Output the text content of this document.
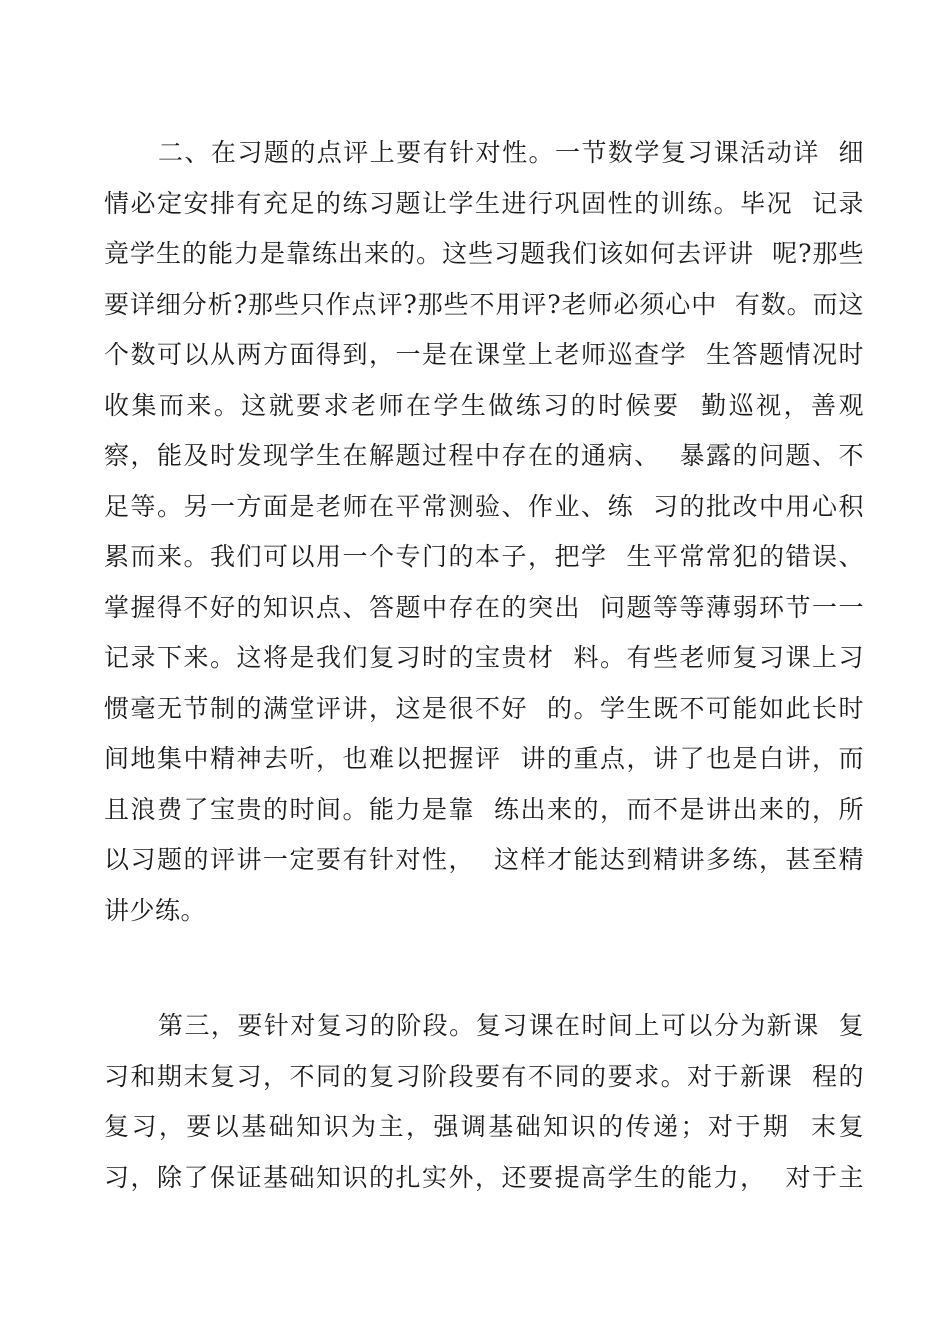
二、在习题的点评上要有针对性。一节数学复习课活动详  细
情必定安排有充足的练习题让学生进行巩固性的训练。毕况  记录
竟学生的能力是靠练出来的。这些习题我们该如何去评讲  呢?那些
要详细分析?那些只作点评?那些不用评?老师必须心中  有数。而这
个数可以从两方面得到，一是在课堂上老师巡查学  生答题情况时
收集而来。这就要求老师在学生做练习的时候要  勤巡视，善观
察，能及时发现学生在解题过程中存在的通病、  暴露的问题、不
足等。另一方面是老师在平常测验、作业、练  习的批改中用心积
累而来。我们可以用一个专门的本子，把学  生平常常犯的错误、
掌握得不好的知识点、答题中存在的突出  问题等等薄弱环节一一
记录下来。这将是我们复习时的宝贵材  料。有些老师复习课上习
惯毫无节制的满堂评讲，这是很不好  的。学生既不可能如此长时
间地集中精神去听，也难以把握评  讲的重点，讲了也是白讲，而
且浪费了宝贵的时间。能力是靠  练出来的，而不是讲出来的，所
以习题的评讲一定要有针对性，  这样才能达到精讲多练，甚至精
讲少练。
第三，要针对复习的阶段。复习课在时间上可以分为新课  复
习和期末复习，不同的复习阶段要有不同的要求。对于新课  程的
复习，要以基础知识为主，强调基础知识的传递；对于期  末复
习，除了保证基础知识的扎实外，还要提高学生的能力，  对于主
